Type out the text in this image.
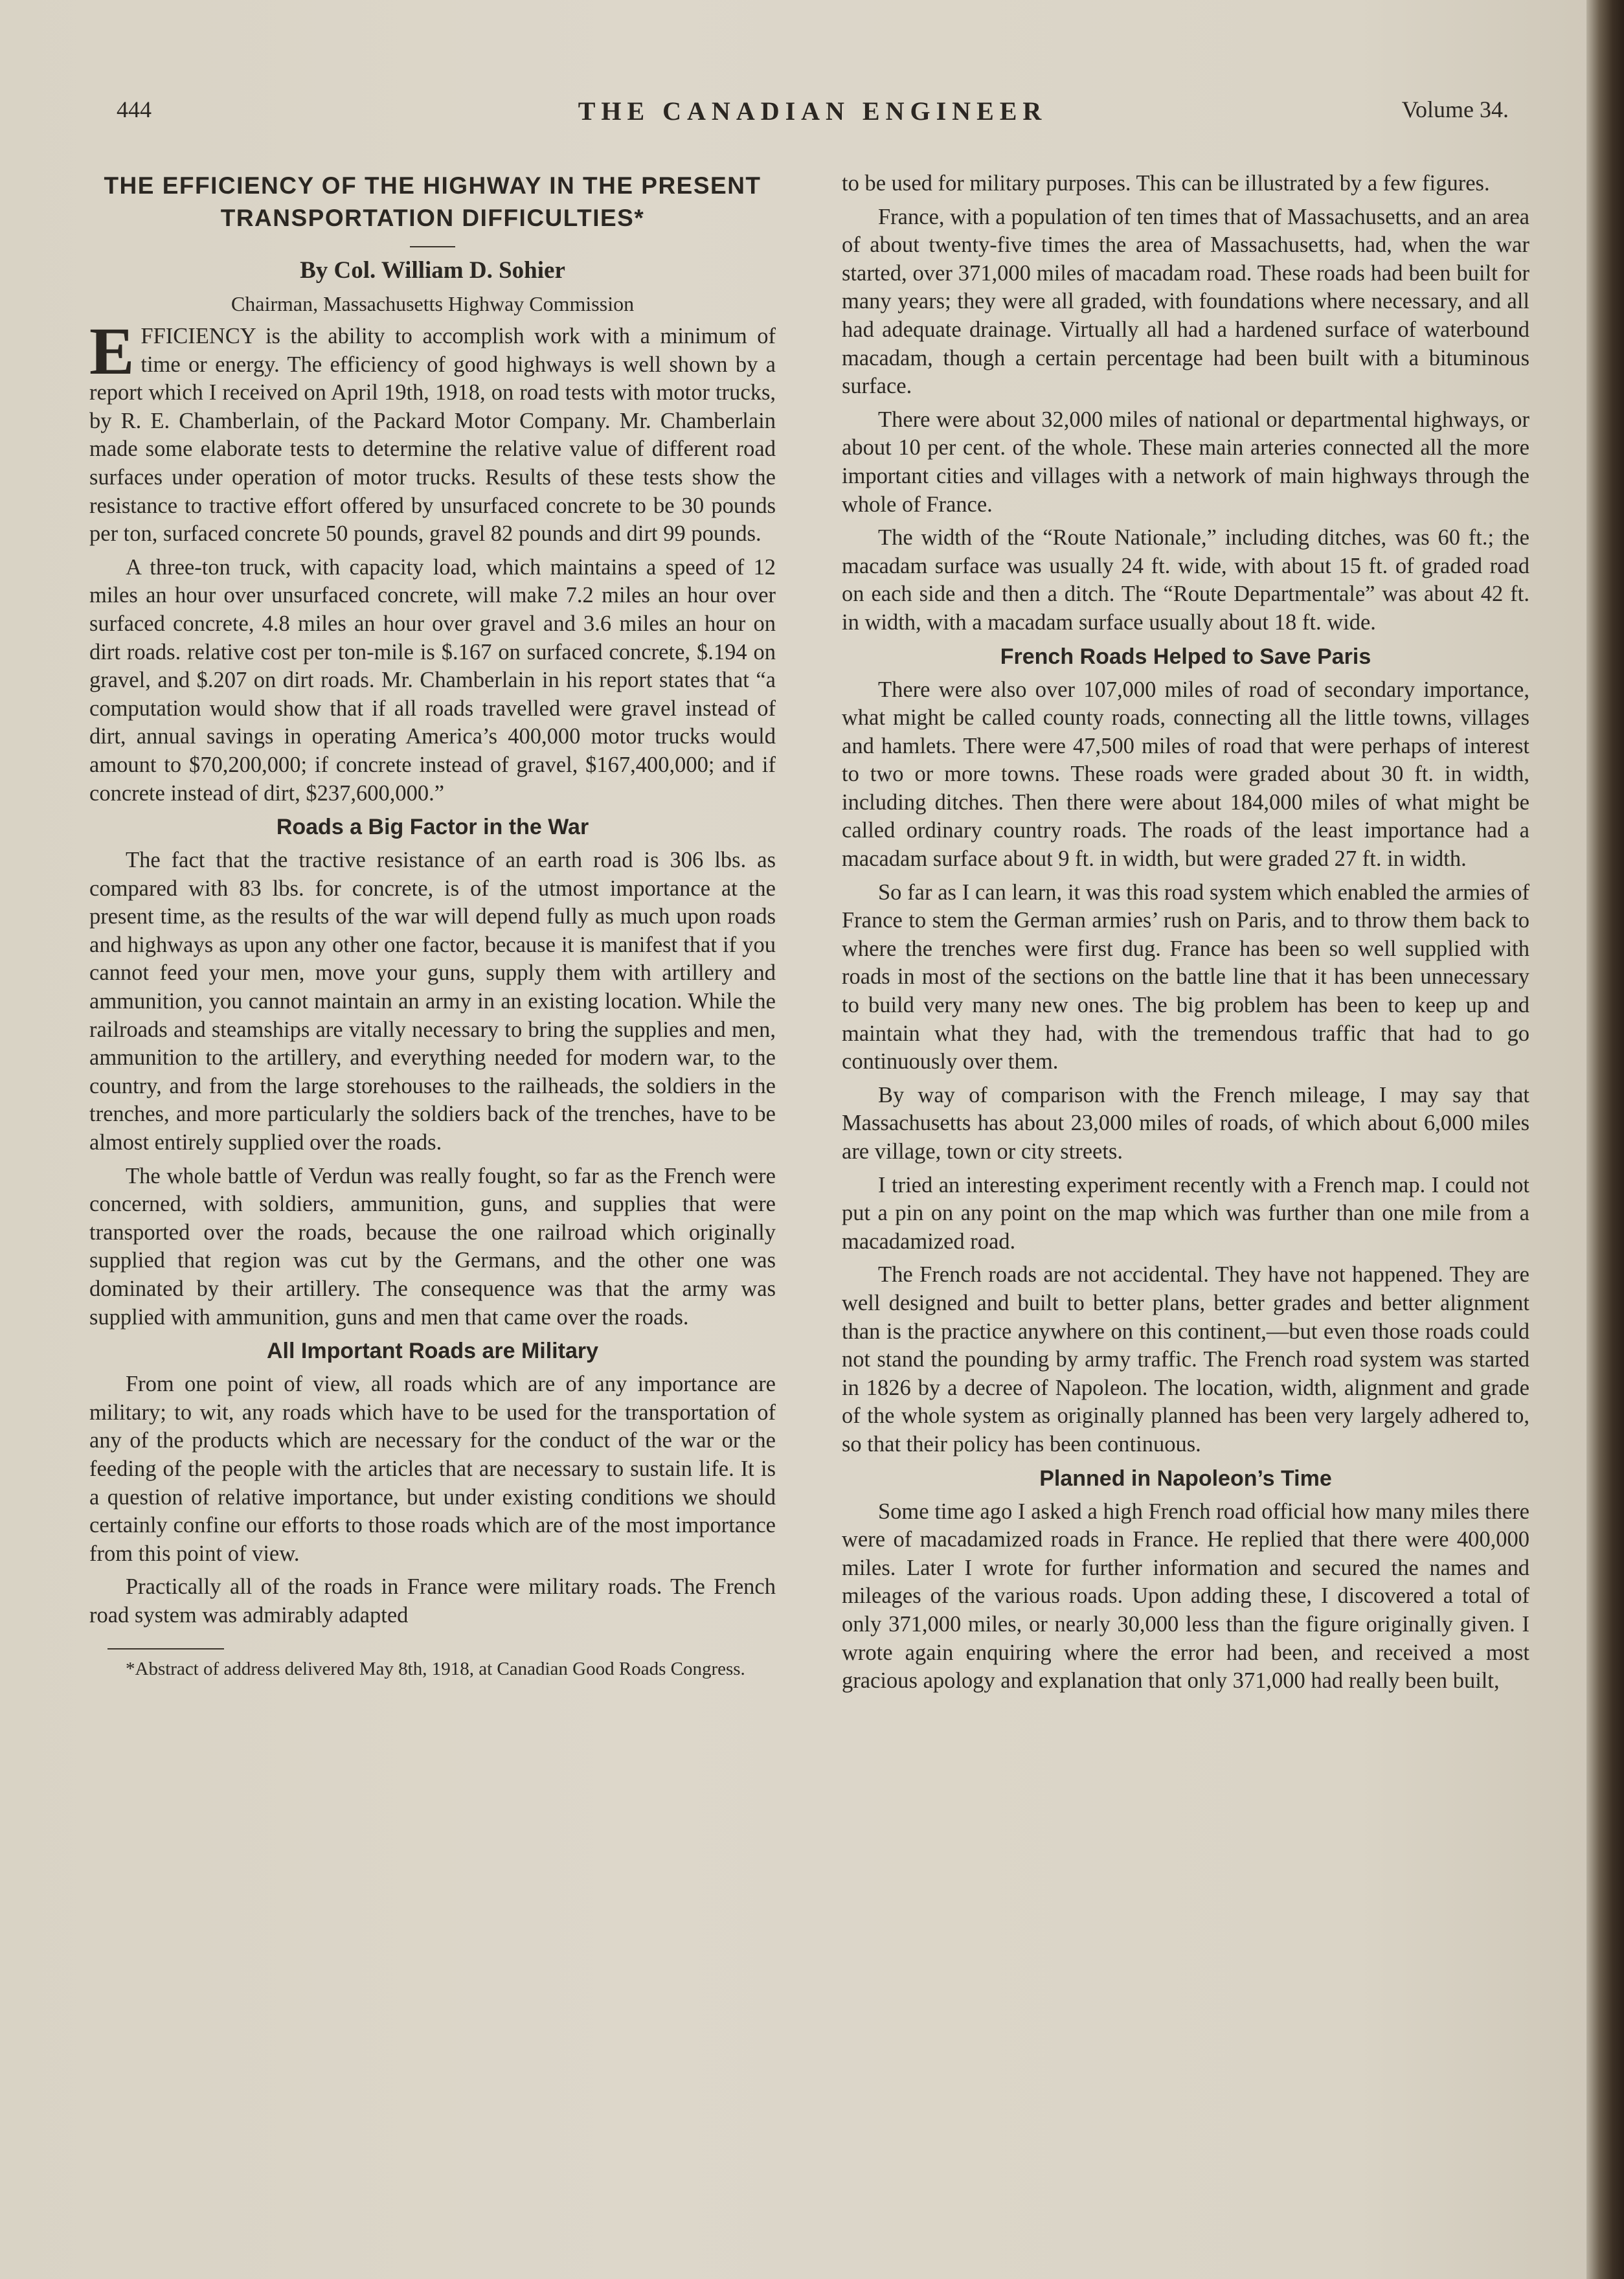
THE CANADIAN ENGINEER
444	Volume 34.

THE EFFICIENCY OF THE HIGHWAY IN THE PRESENT TRANSPORTATION DIFFICULTIES*

By Col. William D. Sohier

Chairman, Massachusetts Highway Commission

EFFICIENCY is the ability to accomplish work with a minimum of time or energy. The efficiency of good highways is well shown by a report which I received on April 19th, 1918, on road tests with motor trucks, by R. E. Chamberlain, of the Packard Motor Company. Mr. Chamberlain made some elaborate tests to determine the relative value of different road surfaces under operation of motor trucks. Results of these tests show the resistance to tractive effort offered by unsurfaced concrete to be 30 pounds per ton, surfaced concrete 50 pounds, gravel 82 pounds and dirt 99 pounds.

A three-ton truck, with capacity load, which maintains a speed of 12 miles an hour over unsurfaced concrete, will make 7.2 miles an hour over surfaced concrete, 4.8 miles an hour over gravel and 3.6 miles an hour on dirt roads. relative cost per ton-mile is $.167 on surfaced concrete, $.194 on gravel, and $.207 on dirt roads. Mr. Chamberlain in his report states that “a computation would show that if all roads travelled were gravel instead of dirt, annual savings in operating America’s 400,000 motor trucks would amount to $70,200,000; if concrete instead of gravel, $167,400,000; and if concrete instead of dirt, $237,600,000.”

Roads a Big Factor in the War

The fact that the tractive resistance of an earth road is 306 lbs. as compared with 83 lbs. for concrete, is of the utmost importance at the present time, as the results of the war will depend fully as much upon roads and highways as upon any other one factor, because it is manifest that if you cannot feed your men, move your guns, supply them with artillery and ammunition, you cannot maintain an army in an existing location. While the railroads and steamships are vitally necessary to bring the supplies and men, ammunition to the artillery, and everything needed for modern war, to the country, and from the large storehouses to the railheads, the soldiers in the trenches, and more particularly the soldiers back of the trenches, have to be almost entirely supplied over the roads.

The whole battle of Verdun was really fought, so far as the French were concerned, with soldiers, ammunition, guns, and supplies that were transported over the roads, because the one railroad which originally supplied that region was cut by the Germans, and the other one was dominated by their artillery. The consequence was that the army was supplied with ammunition, guns and men that came over the roads.

All Important Roads are Military

From one point of view, all roads which are of any importance are military; to wit, any roads which have to be used for the transportation of any of the products which are necessary for the conduct of the war or the feeding of the people with the articles that are necessary to sustain life. It is a question of relative importance, but under existing conditions we should certainly confine our efforts to those roads which are of the most importance from this point of view.

Practically all of the roads in France were military roads. The French road system was admirably adapted

*Abstract of address delivered May 8th, 1918, at Canadian Good Roads Congress.

to be used for military purposes. This can be illustrated by a few figures.

France, with a population of ten times that of Massachusetts, and an area of about twenty-five times the area of Massachusetts, had, when the war started, over 371,000 miles of macadam road. These roads had been built for many years; they were all graded, with foundations where necessary, and all had adequate drainage. Virtually all had a hardened surface of waterbound macadam, though a certain percentage had been built with a bituminous surface.

There were about 32,000 miles of national or departmental highways, or about 10 per cent. of the whole. These main arteries connected all the more important cities and villages with a network of main highways through the whole of France.

The width of the “Route Nationale,” including ditches, was 60 ft.; the macadam surface was usually 24 ft. wide, with about 15 ft. of graded road on each side and then a ditch. The “Route Departmentale” was about 42 ft. in width, with a macadam surface usually about 18 ft. wide.

French Roads Helped to Save Paris

There were also over 107,000 miles of road of secondary importance, what might be called county roads, connecting all the little towns, villages and hamlets. There were 47,500 miles of road that were perhaps of interest to two or more towns. These roads were graded about 30 ft. in width, including ditches. Then there were about 184,000 miles of what might be called ordinary country roads. The roads of the least importance had a macadam surface about 9 ft. in width, but were graded 27 ft. in width.

So far as I can learn, it was this road system which enabled the armies of France to stem the German armies’ rush on Paris, and to throw them back to where the trenches were first dug. France has been so well supplied with roads in most of the sections on the battle line that it has been unnecessary to build very many new ones. The big problem has been to keep up and maintain what they had, with the tremendous traffic that had to go continuously over them.

By way of comparison with the French mileage, I may say that Massachusetts has about 23,000 miles of roads, of which about 6,000 miles are village, town or city streets.

I tried an interesting experiment recently with a French map. I could not put a pin on any point on the map which was further than one mile from a macadamized road.

The French roads are not accidental. They have not happened. They are well designed and built to better plans, better grades and better alignment than is the practice anywhere on this continent,—but even those roads could not stand the pounding by army traffic. The French road system was started in 1826 by a decree of Napoleon. The location, width, alignment and grade of the whole system as originally planned has been very largely adhered to, so that their policy has been continuous.

Planned in Napoleon’s Time

Some time ago I asked a high French road official how many miles there were of macadamized roads in France. He replied that there were 400,000 miles. Later I wrote for further information and secured the names and mileages of the various roads. Upon adding these, I discovered a total of only 371,000 miles, or nearly 30,000 less than the figure originally given. I wrote again enquiring where the error had been, and received a most gracious apology and explanation that only 371,000 had really been built,
